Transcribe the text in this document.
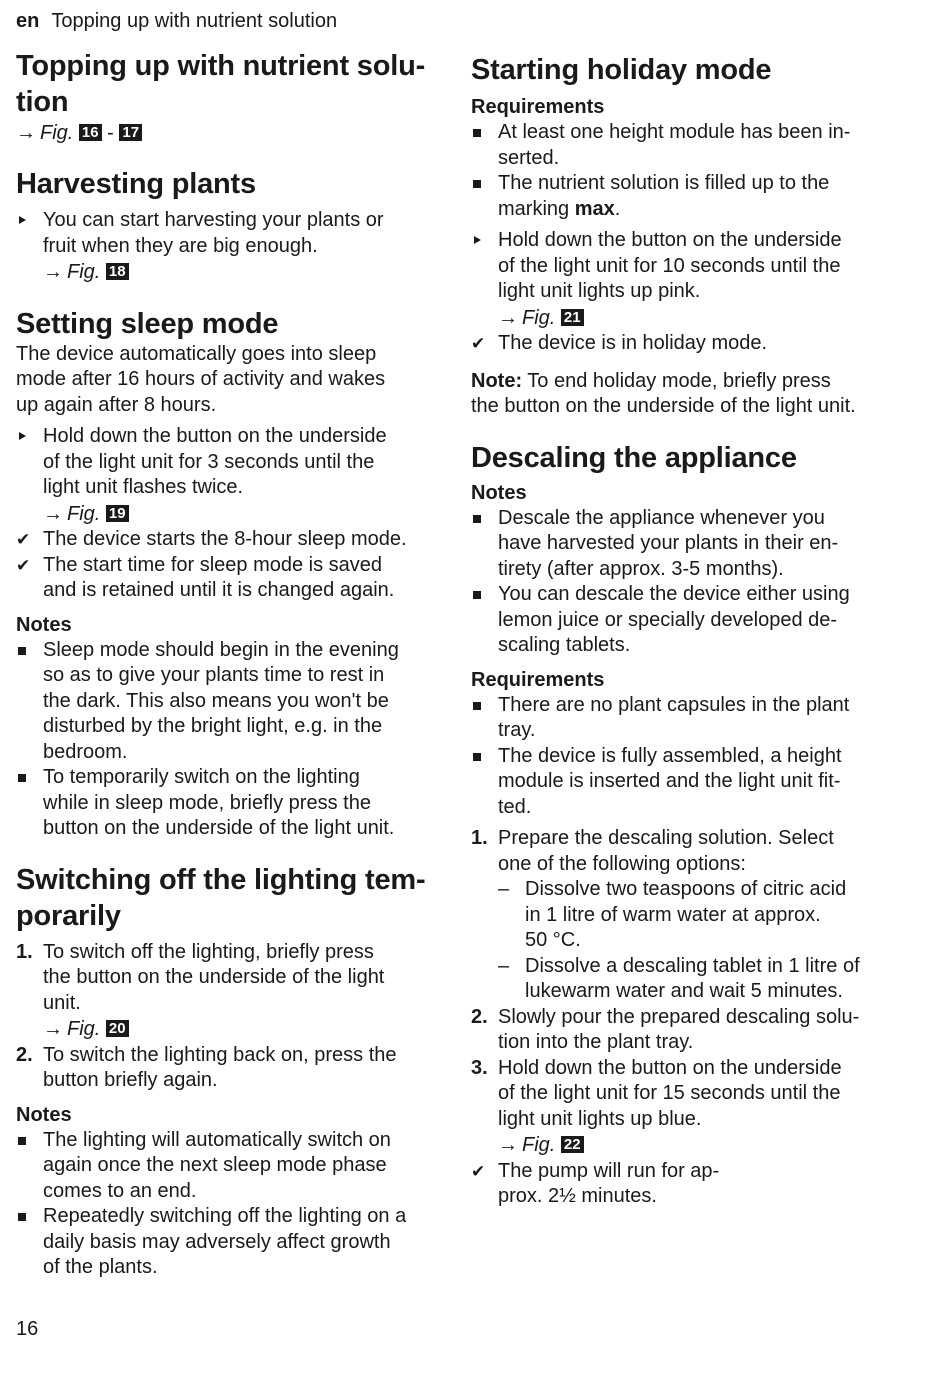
en Topping up with nutrient solution
Topping up with nutrient solu-
tion
→ Fig. 16 - 17
Harvesting plants
You can start harvesting your plants or
fruit when they are big enough.
→ Fig. 18
Setting sleep mode

The device automatically goes into sleep
mode after 16 hours of activity and wakes
up again after 8 hours.

Hold down the button on the underside
of the light unit for 3 seconds until the
light unit flashes twice.
→ Fig. 19
✔ The device starts the 8-hour sleep mode.
✔ The start time for sleep mode is saved
and is retained until it is changed again.
Notes
Sleep mode should begin in the evening
so as to give your plants time to rest in
the dark. This also means you won't be
disturbed by the bright light, e.g. in the
bedroom.
To temporarily switch on the lighting
while in sleep mode, briefly press the
button on the underside of the light unit.
Switching off the lighting tem-
porarily
1. To switch off the lighting, briefly press
the button on the underside of the light
unit.
→ Fig. 20
2. To switch the lighting back on, press the
button briefly again.
Notes
The lighting will automatically switch on
again once the next sleep mode phase
comes to an end.
Repeatedly switching off the lighting on a
daily basis may adversely affect growth
of the plants.
Starting holiday mode
Requirements
At least one height module has been in-
serted.
The nutrient solution is filled up to the
marking max.
Hold down the button on the underside
of the light unit for 10 seconds until the
light unit lights up pink.
→ Fig. 21
✔ The device is in holiday mode.

Note: To end holiday mode, briefly press
the button on the underside of the light unit.

Descaling the appliance
Notes
Descale the appliance whenever you
have harvested your plants in their en-
tirety (after approx. 3-5 months).
You can descale the device either using
lemon juice or specially developed de-
scaling tablets.
Requirements
There are no plant capsules in the plant
tray.
The device is fully assembled, a height
module is inserted and the light unit fit-
ted.
1. Prepare the descaling solution. Select
one of the following options:
– Dissolve two teaspoons of citric acid
in 1 litre of warm water at approx.
50 °C.
– Dissolve a descaling tablet in 1 litre of
lukewarm water and wait 5 minutes.
2. Slowly pour the prepared descaling solu-
tion into the plant tray.
3. Hold down the button on the underside
of the light unit for 15 seconds until the
light unit lights up blue.
→ Fig. 22
✔ The pump will run for ap-
prox. 2½ minutes.
16
